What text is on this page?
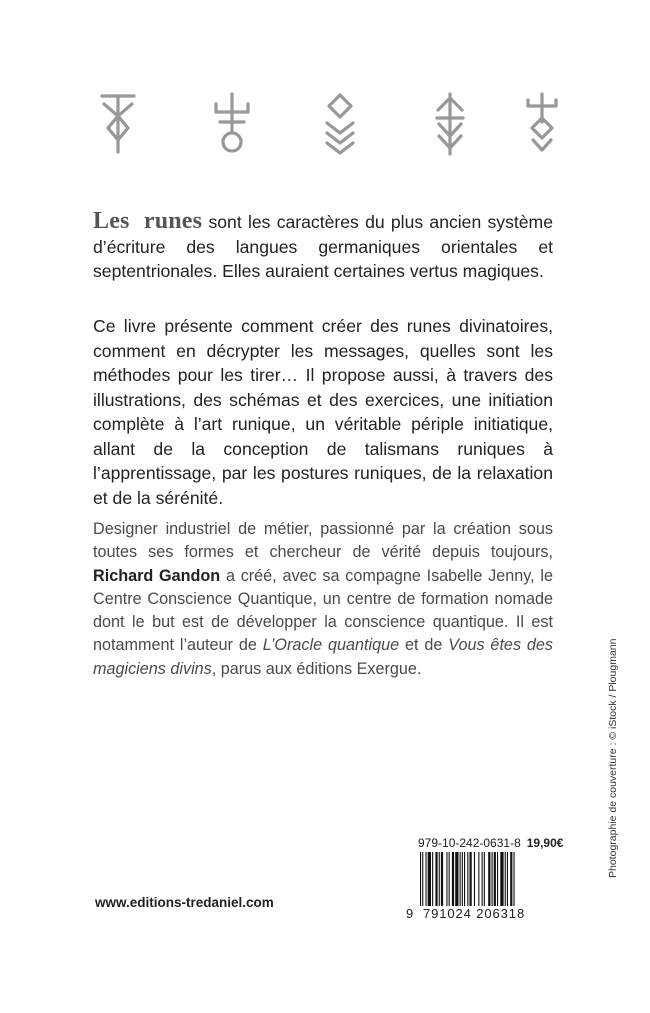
Les runes sont les caractères du plus ancien système d’écriture des langues germaniques orientales et septentrionales. Elles auraient certaines vertus magiques.
Ce livre présente comment créer des runes divinatoires, comment en décrypter les messages, quelles sont les méthodes pour les tirer… Il propose aussi, à travers des illustrations, des schémas et des exercices, une initiation complète à l’art runique, un véritable périple initiatique, allant de la conception de talismans runiques à l’apprentissage, par les postures runiques, de la relaxation et de la sérénité.
Designer industriel de métier, passionné par la création sous toutes ses formes et chercheur de vérité depuis toujours, Richard Gandon a créé, avec sa compagne Isabelle Jenny, le Centre Conscience Quantique, un centre de formation nomade dont le but est de développer la conscience quantique. Il est notamment l’auteur de L’Oracle quantique et de Vous êtes des magiciens divins, parus aux éditions Exergue.	Photographie de couverture : © iStock / Plougmann
979-10-242-0631-8 19,90€
9 791024 206318
www.editions-tredaniel.com
